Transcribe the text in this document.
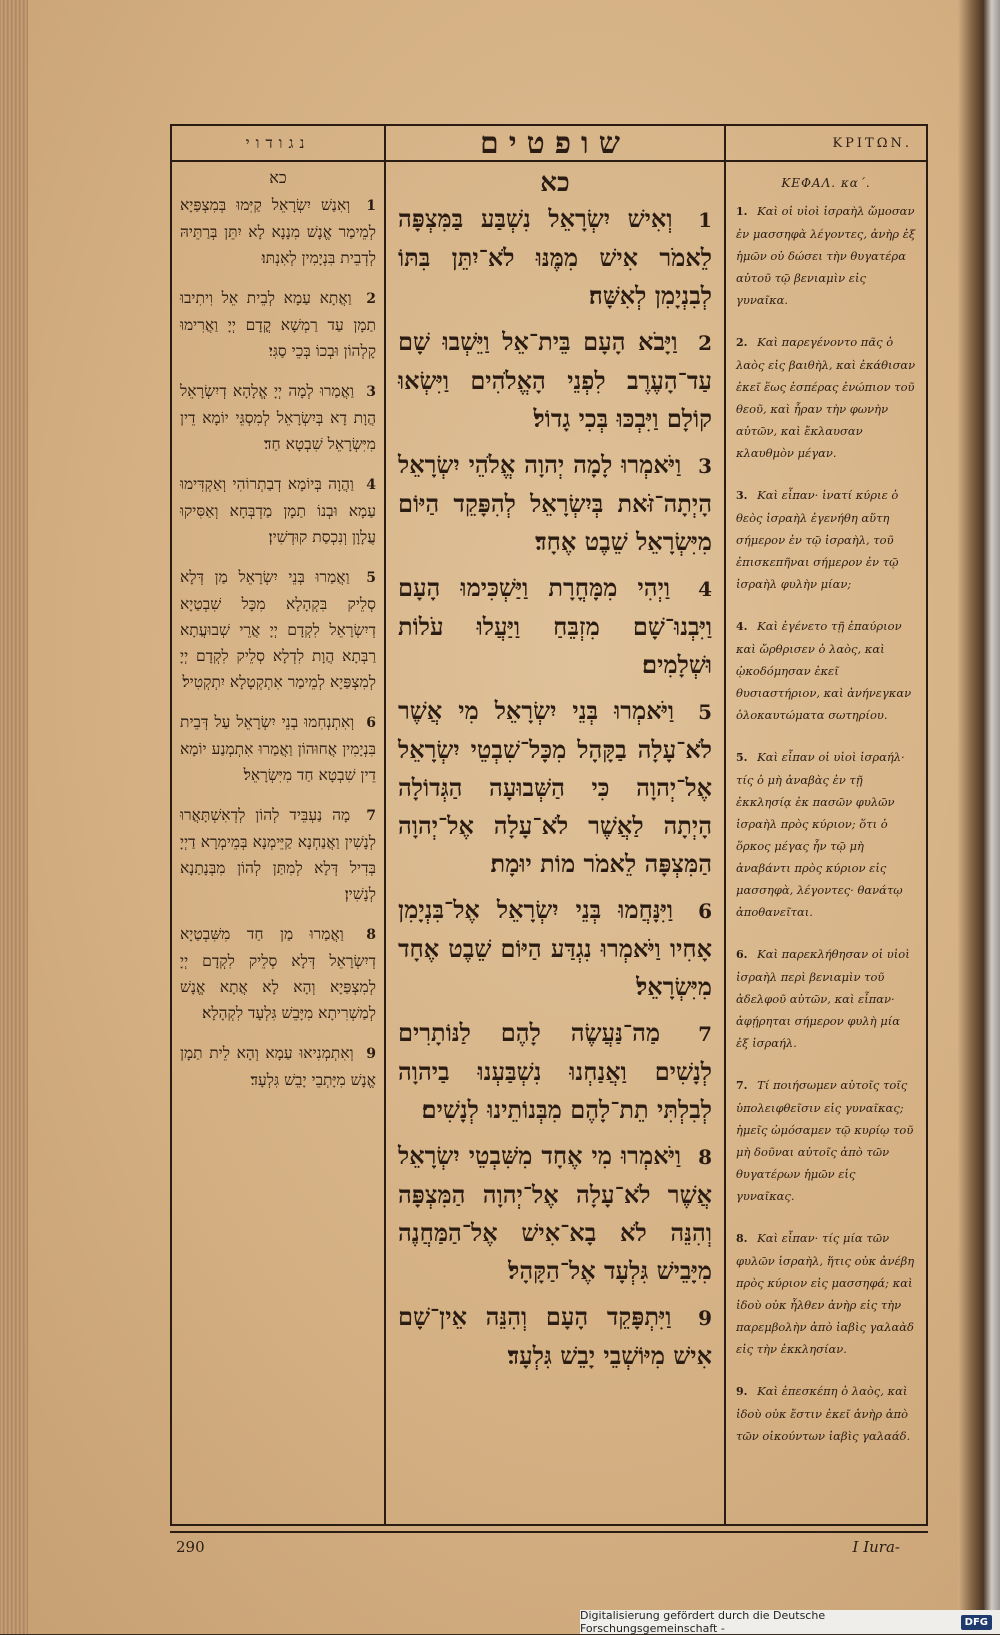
נגודוי
כא
1 וְאִנַשׁ יִשְׂרָאֵל קַיִּמוּ בְּמִצְפַּיָא לְמֵימַר אֱנָשׁ מִנָנָא לָא יִתֵּן בְּרַתֵּיהּ לְדְבֵית בִּנְיָמִין לְאִנְתּוּ׃
2 וַאֲתָא עַמָא לְבֵית אֵל וִיתִיבוּ תַמָן עַד רַמְשָׁא קֳדָם יְיָ וַאֲרִימוּ קָלְהוֹן וּבְכוֹ בְּכֵי סַגִּי׃
3 וַאֲמַרוּ לְמָה יְיָ אֱלָהָא דְיִשְׂרָאֵל הֲוָת דָא בְּיִשְׂרָאֵל לְמִסְגֵּי יוֹמָא דֵין מִיִּשְׂרָאֵל שִׁבְטָא חַד׃
4 וַהֲוָה בְּיוֹמָא דְבַתְרוֹהִי וְאַקְדִּימוּ עַמָא וּבְנוֹ תַמָן מַדְבְּחָא וְאַסִּיקוּ עֲלָוָן וְנִכְסַת קוּדְשִׁין׃
5 וַאֲמַרוּ בְּנֵי יִשְׂרָאֵל מַן דְּלָא סְלֵיק בִּקְהָלָא מִכָּל שִׁבְטַיָא דְיִשְׂרָאֵל לִקְדָם יְיָ אֲרֵי שְׁבוּעֲתָא רַבְּתָא הֲוָת לִדְלָא סְלֵיק לִקְדָם יְיָ לְמִצְפַּיָא לְמֵימַר אִתְקְטָלָא יִתְקְטִיל׃
6 וְאִתְנְחִמוּ בְנֵי יִשְׂרָאֵל עַל דְּבֵית בִּנְיָמִין אֲחוּהוֹן וַאֲמַרוּ אִתְמְנַע יוֹמָא דֵין שִׁבְטָא חַד מִיִּשְׂרָאֵל׃
7 מָה נַעְבֵּיד לְהוֹן לְדְאִשְׁתָּאֲרוּ לְנָשִׁין וַאֲנַחְנָא קַיֵּימְנָא בְּמֵימְרָא דַיְיָ בְּדִיל דְּלָא לְמִתַּן לְהוֹן מִבְּנָתַנָא לְנָשִׁין׃
8 וַאֲמַרוּ מַן חַד מִשִּׁבְטַיָא דְיִשְׂרָאֵל דְּלָא סְלֵיק לִקְדָם יְיָ לְמִצְפַּיָא וְהָא לָא אֲתָא אֱנָשׁ לְמַשְׁרִיתָא מִיָּבֵשׁ גִּלְעָד לִקְהָלָא׃
9 וְאִתְמְנִיאוּ עַמָא וְהָא לֵית תַמָן אֱנָשׁ מִיָּתְבֵי יָבֵשׁ גִּלְעָד׃
שופטים
כא
1 וְאִישׁ יִשְׂרָאֵל נִשְׁבַּע בַּמִּצְפָּה לֵאמֹר אִישׁ מִמֶּנּוּ לֹא־יִתֵּן בִּתּוֹ לְבִנְיָמִן לְאִשָּׁה׃
2 וַיָּבֹא הָעָם בֵּית־אֵל וַיֵּשְׁבוּ שָׁם עַד־הָעֶרֶב לִפְנֵי הָאֱלֹהִים וַיִּשְׂאוּ קוֹלָם וַיִּבְכּוּ בְּכִי גָדוֹל׃
3 וַיֹּאמְרוּ לָמָה יְהוָה אֱלֹהֵי יִשְׂרָאֵל הָיְתָה־זֹּאת בְּיִשְׂרָאֵל לְהִפָּקֵד הַיּוֹם מִיִּשְׂרָאֵל שֵׁבֶט אֶחָד׃
4 וַיְהִי מִמָּחֳרָת וַיַּשְׁכִּימוּ הָעָם וַיִּבְנוּ־שָׁם מִזְבֵּחַ וַיַּעֲלוּ עֹלוֹת וּשְׁלָמִים׃
5 וַיֹּאמְרוּ בְּנֵי יִשְׂרָאֵל מִי אֲשֶׁר לֹא־עָלָה בַקָּהָל מִכָּל־שִׁבְטֵי יִשְׂרָאֵל אֶל־יְהוָה כִּי הַשְּׁבוּעָה הַגְּדוֹלָה הָיְתָה לַאֲשֶׁר לֹא־עָלָה אֶל־יְהוָה הַמִּצְפָּה לֵאמֹר מוֹת יוּמָת׃
6 וַיִּנָּחֲמוּ בְּנֵי יִשְׂרָאֵל אֶל־בִּנְיָמִן אָחִיו וַיֹּאמְרוּ נִגְדַּע הַיּוֹם שֵׁבֶט אֶחָד מִיִּשְׂרָאֵל׃
7 מַה־נַּעֲשֶׂה לָהֶם לַנּוֹתָרִים לְנָשִׁים וַאֲנַחְנוּ נִשְׁבַּעְנוּ בַיהוָה לְבִלְתִּי תֵת־לָהֶם מִבְּנוֹתֵינוּ לְנָשִׁים׃
8 וַיֹּאמְרוּ מִי אֶחָד מִשִּׁבְטֵי יִשְׂרָאֵל אֲשֶׁר לֹא־עָלָה אֶל־יְהוָה הַמִּצְפָּה וְהִנֵּה לֹא בָא־אִישׁ אֶל־הַמַּחֲנֶה מִיָּבֵישׁ גִּלְעָד אֶל־הַקָּהָל׃
9 וַיִּתְפָּקֵד הָעָם וְהִנֵּה אֵין־שָׁם אִישׁ מִיּוֹשְׁבֵי יָבֵשׁ גִּלְעָד׃
ΚΡΙΤΩΝ.
ΚΕΦΑΛ. κα΄.
1. Καὶ οἱ υἱοὶ ἰσραὴλ ὤμοσαν ἐν μασσηφὰ λέγοντες, ἀνὴρ ἐξ ἡμῶν οὐ δώσει τὴν θυγατέρα αὐτοῦ τῷ βενιαμὶν εἰς γυναῖκα.
2. Καὶ παρεγένοντο πᾶς ὁ λαὸς εἰς βαιθὴλ, καὶ ἐκάθισαν ἐκεῖ ἕως ἑσπέρας ἐνώπιον τοῦ θεοῦ, καὶ ἦραν τὴν φωνὴν αὐτῶν, καὶ ἔκλαυσαν κλαυθμὸν μέγαν.
3. Καὶ εἶπαν· ἱνατί κύριε ὁ θεὸς ἰσραὴλ ἐγενήθη αὕτη σήμερον ἐν τῷ ἰσραὴλ, τοῦ ἐπισκεπῆναι σήμερον ἐν τῷ ἰσραὴλ φυλὴν μίαν;
4. Καὶ ἐγένετο τῇ ἐπαύριον καὶ ὤρθρισεν ὁ λαὸς, καὶ ᾠκοδόμησαν ἐκεῖ θυσιαστήριον, καὶ ἀνήνεγκαν ὁλοκαυτώματα σωτηρίου.
5. Καὶ εἶπαν οἱ υἱοὶ ἰσραήλ· τίς ὁ μὴ ἀναβὰς ἐν τῇ ἐκκλησίᾳ ἐκ πασῶν φυλῶν ἰσραὴλ πρὸς κύριον; ὅτι ὁ ὅρκος μέγας ἦν τῷ μὴ ἀναβάντι πρὸς κύριον εἰς μασσηφὰ, λέγοντες· θανάτῳ ἀποθανεῖται.
6. Καὶ παρεκλήθησαν οἱ υἱοὶ ἰσραὴλ περὶ βενιαμὶν τοῦ ἀδελφοῦ αὐτῶν, καὶ εἶπαν· ἀφῄρηται σήμερον φυλὴ μία ἐξ ἰσραήλ.
7. Τί ποιήσωμεν αὐτοῖς τοῖς ὑπολειφθεῖσιν εἰς γυναῖκας; ἡμεῖς ὠμόσαμεν τῷ κυρίῳ τοῦ μὴ δοῦναι αὐτοῖς ἀπὸ τῶν θυγατέρων ἡμῶν εἰς γυναῖκας.
8. Καὶ εἶπαν· τίς μία τῶν φυλῶν ἰσραὴλ, ἥτις οὐκ ἀνέβη πρὸς κύριον εἰς μασσηφά; καὶ ἰδοὺ οὐκ ἦλθεν ἀνὴρ εἰς τὴν παρεμβολὴν ἀπὸ ἰαβὶς γαλαὰδ εἰς τὴν ἐκκλησίαν.
9. Καὶ ἐπεσκέπη ὁ λαὸς, καὶ ἰδοὺ οὐκ ἔστιν ἐκεῖ ἀνὴρ ἀπὸ τῶν οἰκούντων ἰαβὶς γαλαάδ.
290	I Iura-
Digitalisierung gefördert durch die Deutsche Forschungsgemeinschaft -	DFG
